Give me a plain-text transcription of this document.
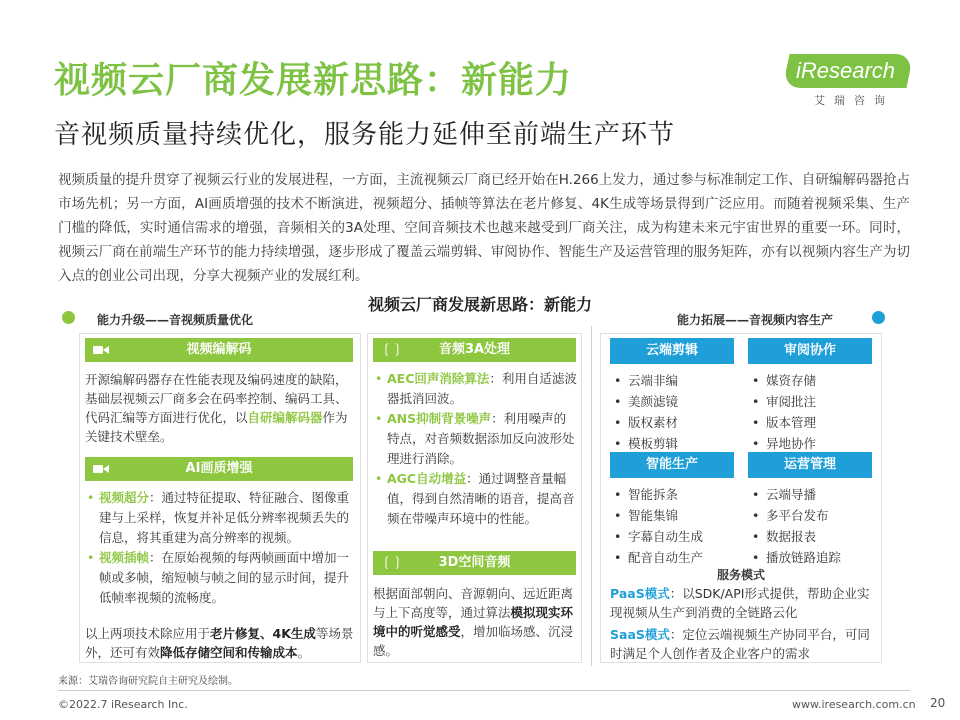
视频云厂商发展新思路：新能力
音视频质量持续优化，服务能力延伸至前端生产环节
iResearch
艾瑞咨询
视频质量的提升贯穿了视频云行业的发展进程，一方面，主流视频云厂商已经开始在H.266上发力，通过参与标准制定工作、自研编解码器抢占市场先机；另一方面，AI画质增强的技术不断演进，视频超分、插帧等算法在老片修复、4K生成等场景得到广泛应用。而随着视频采集、生产门槛的降低，实时通信需求的增强，音频相关的3A处理、空间音频技术也越来越受到厂商关注，成为构建未来元宇宙世界的重要一环。同时，视频云厂商在前端生产环节的能力持续增强，逐步形成了覆盖云端剪辑、审阅协作、智能生产及运营管理的服务矩阵，亦有以视频内容生产为切入点的创业公司出现，分享大视频产业的发展红利。
视频云厂商发展新思路：新能力
能力升级——音视频质量优化	能力拓展——音视频内容生产
视频编解码
开源编解码器存在性能表现及编码速度的缺陷，基础层视频云厂商多会在码率控制、编码工具、代码汇编等方面进行优化，以自研编解码器作为关键技术壁垒。
AI画质增强
• 视频超分：通过特征提取、特征融合、图像重建与上采样，恢复并补足低分辨率视频丢失的信息，将其重建为高分辨率的视频。
• 视频插帧：在原始视频的每两帧画面中增加一帧或多帧，缩短帧与帧之间的显示时间，提升低帧率视频的流畅度。
以上两项技术除应用于老片修复、4K生成等场景外，还可有效降低存储空间和传输成本。
❲❳	音频3A处理
• AEC回声消除算法：利用自适滤波器抵消回波。
• ANS抑制背景噪声：利用噪声的特点，对音频数据添加反向波形处理进行消除。
• AGC自动增益：通过调整音量幅值，得到自然清晰的语音，提高音频在带噪声环境中的性能。
❲❳	3D空间音频
根据面部朝向、音源朝向、远近距离与上下高度等，通过算法模拟现实环境中的听觉感受，增加临场感、沉浸感。
云端剪辑	审阅协作
• 云端非编
• 美颜滤镜
• 版权素材
• 模板剪辑
• 媒资存储
• 审阅批注
• 版本管理
• 异地协作
智能生产	运营管理
• 智能拆条
• 智能集锦
• 字幕自动生成
• 配音自动生产
• 云端导播
• 多平台发布
• 数据报表
• 播放链路追踪
服务模式
PaaS模式：以SDK/API形式提供，帮助企业实现视频从生产到消费的全链路云化
SaaS模式：定位云端视频生产协同平台，可同时满足个人创作者及企业客户的需求
来源：艾瑞咨询研究院自主研究及绘制。
©2022.7 iResearch Inc.	www.iresearch.com.cn 20
